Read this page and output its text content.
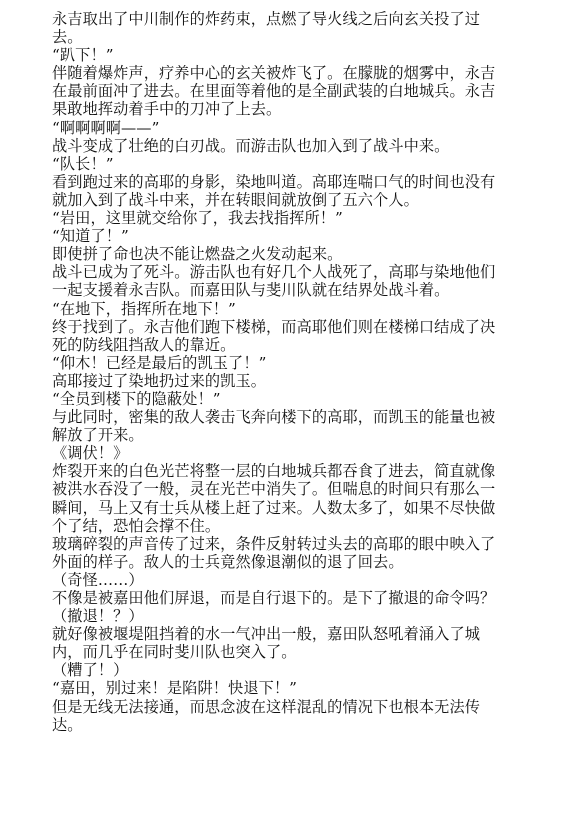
永吉取出了中川制作的炸药束，点燃了导火线之后向玄关投了过
去。
“趴下！”
伴随着爆炸声，疗养中心的玄关被炸飞了。在朦胧的烟雾中，永吉
在最前面冲了进去。在里面等着他的是全副武装的白地城兵。永吉
果敢地挥动着手中的刀冲了上去。
“啊啊啊啊——”
战斗变成了壮绝的白刃战。而游击队也加入到了战斗中来。
“队长！”
看到跑过来的高耶的身影，染地叫道。高耶连喘口气的时间也没有
就加入到了战斗中来，并在转眼间就放倒了五六个人。
“岩田，这里就交给你了，我去找指挥所！”
“知道了！”
即使拼了命也决不能让燃盎之火发动起来。
战斗已成为了死斗。游击队也有好几个人战死了，高耶与染地他们
一起支援着永吉队。而嘉田队与斐川队就在结界处战斗着。
“在地下，指挥所在地下！”
终于找到了。永吉他们跑下楼梯，而高耶他们则在楼梯口结成了决
死的防线阻挡敌人的靠近。
“仰木！已经是最后的凯玉了！”
高耶接过了染地扔过来的凯玉。
“全员到楼下的隐蔽处！”
与此同时，密集的敌人袭击飞奔向楼下的高耶，而凯玉的能量也被
解放了开来。
《调伏！》
炸裂开来的白色光芒将整一层的白地城兵都吞食了进去，简直就像
被洪水吞没了一般，灵在光芒中消失了。但喘息的时间只有那么一
瞬间，马上又有士兵从楼上赶了过来。人数太多了，如果不尽快做
个了结，恐怕会撑不住。
玻璃碎裂的声音传了过来，条件反射转过头去的高耶的眼中映入了
外面的样子。敌人的士兵竟然像退潮似的退了回去。
（奇怪……）
不像是被嘉田他们屏退，而是自行退下的。是下了撤退的命令吗？
（撤退！？）
就好像被堰堤阻挡着的水一气冲出一般，嘉田队怒吼着涌入了城
内，而几乎在同时斐川队也突入了。
（糟了！）
“嘉田，别过来！是陷阱！快退下！”
但是无线无法接通，而思念波在这样混乱的情况下也根本无法传
达。
